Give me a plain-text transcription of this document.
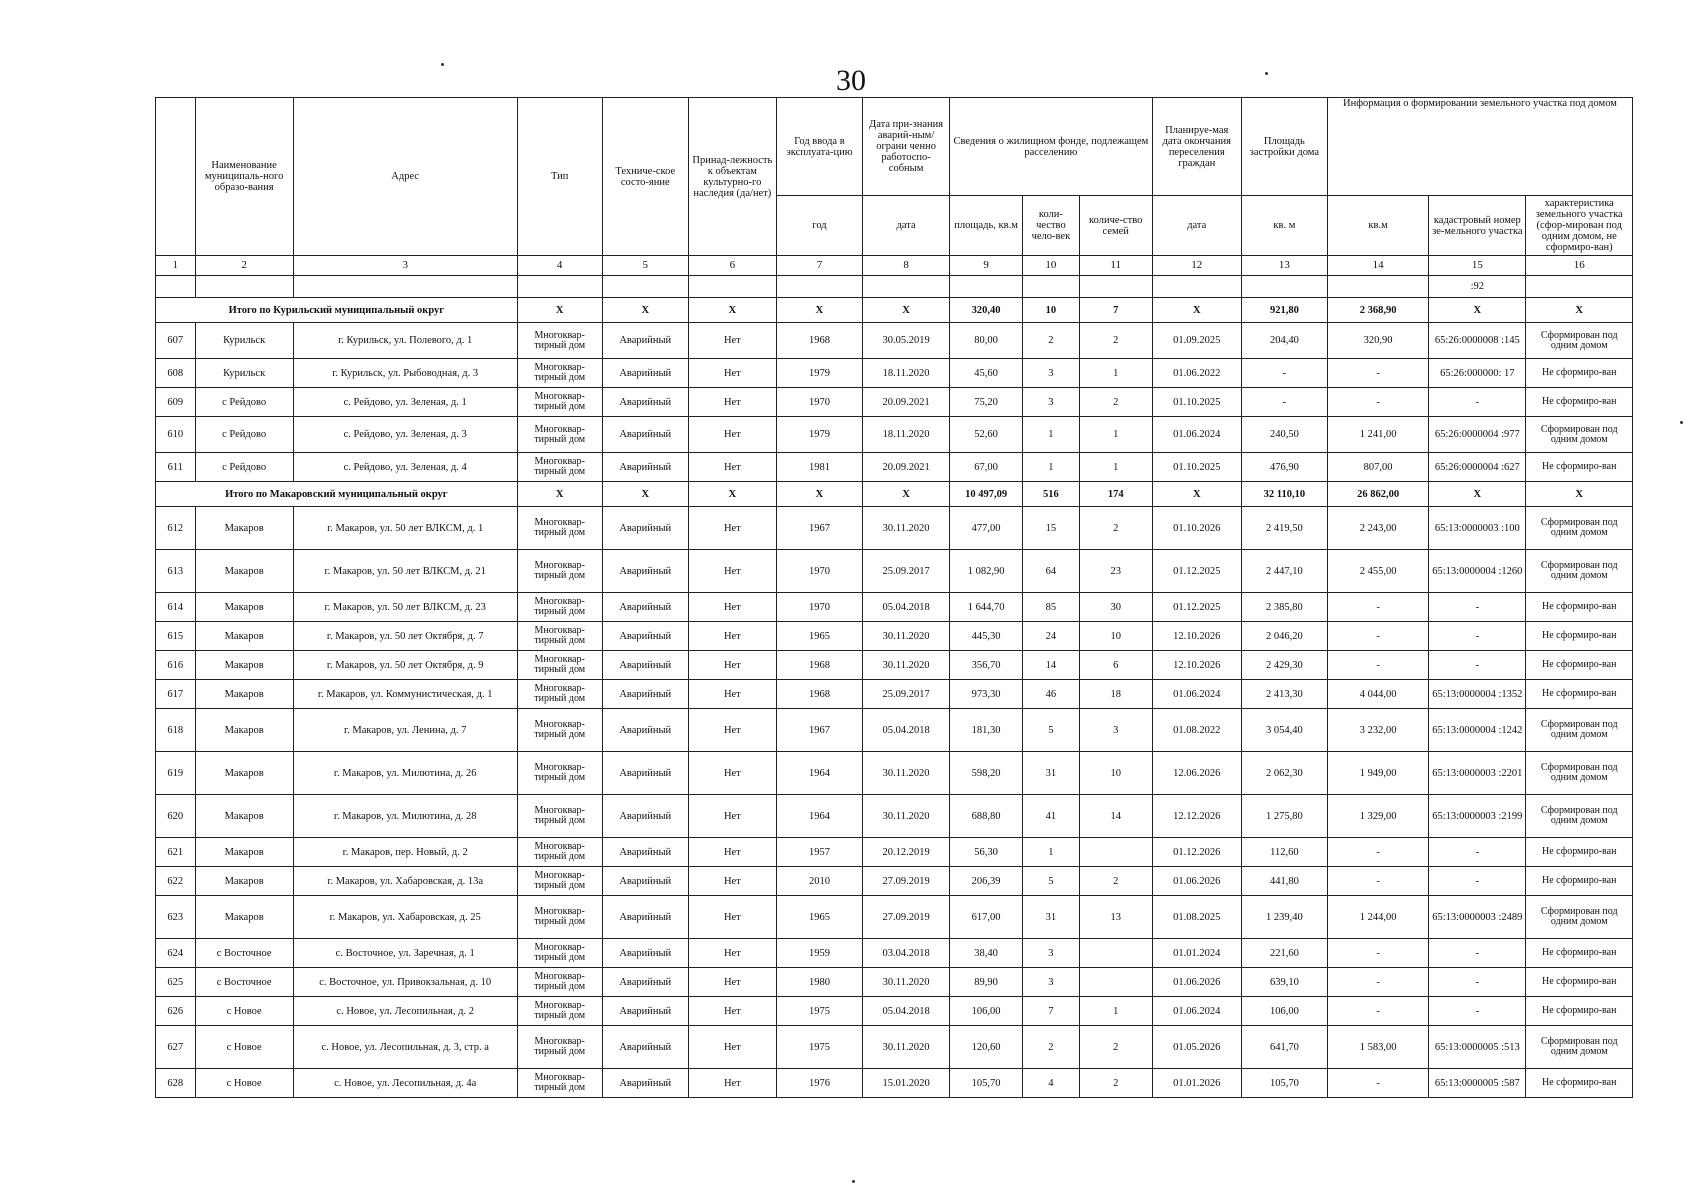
30
	Наименование муниципаль-ного образо-вания	Адрес	Тип	Техниче-ское состо-яние	Принад-лежность к объектам культурно-го наследия (да/нет)	Год ввода в эксплуата-цию	Дата при-знания аварий-ным/ограни ченно работоспо-собным	Сведения о жилищном фонде, подлежащем расселению			Планируе-мая дата окончания переселения граждан	Площадь застройки дома	Информация о формировании земельного участка под домом		
						год	дата	площадь, кв.м	коли-чество чело-век	количе-ство семей	дата	кв. м	кв.м	кадастровый номер зе-мельного участка	характеристика земельного участка (сфор-мирован под одним домом, не сформиро-ван)
1	2	3	4	5	6	7	8	9	10	11	12	13	14	15	16
														:92	
Итого по Курильский муниципальный округ			X	X	X	X	X	320,40	10	7	X	921,80	2 368,90	X	X
607	Курильск	г. Курильск, ул. Полевого, д. 1	Многоквар-тирный дом	Аварийный	Нет	1968	30.05.2019	80,00	2	2	01.09.2025	204,40	320,90	65:26:0000008 :145	Сформирован под одним домом
608	Курильск	г. Курильск, ул. Рыбоводная, д. 3	Многоквар-тирный дом	Аварийный	Нет	1979	18.11.2020	45,60	3	1	01.06.2022	-	-	65:26:000000: 17	Не сформиро-ван
609	с Рейдово	с. Рейдово, ул. Зеленая, д. 1	Многоквар-тирный дом	Аварийный	Нет	1970	20.09.2021	75,20	3	2	01.10.2025	-	-	-	Не сформиро-ван
610	с Рейдово	с. Рейдово, ул. Зеленая, д. 3	Многоквар-тирный дом	Аварийный	Нет	1979	18.11.2020	52,60	1	1	01.06.2024	240,50	1 241,00	65:26:0000004 :977	Сформирован под одним домом
611	с Рейдово	с. Рейдово, ул. Зеленая, д. 4	Многоквар-тирный дом	Аварийный	Нет	1981	20.09.2021	67,00	1	1	01.10.2025	476,90	807,00	65:26:0000004 :627	Не сформиро-ван
Итого по Макаровский муниципальный округ			X	X	X	X	X	10 497,09	516	174	X	32 110,10	26 862,00	X	X
612	Макаров	г. Макаров, ул. 50 лет ВЛКСМ, д. 1	Многоквар-тирный дом	Аварийный	Нет	1967	30.11.2020	477,00	15	2	01.10.2026	2 419,50	2 243,00	65:13:0000003 :100	Сформирован под одним домом
613	Макаров	г. Макаров, ул. 50 лет ВЛКСМ, д. 21	Многоквар-тирный дом	Аварийный	Нет	1970	25.09.2017	1 082,90	64	23	01.12.2025	2 447,10	2 455,00	65:13:0000004 :1260	Сформирован под одним домом
614	Макаров	г. Макаров, ул. 50 лет ВЛКСМ, д. 23	Многоквар-тирный дом	Аварийный	Нет	1970	05.04.2018	1 644,70	85	30	01.12.2025	2 385,80	-	-	Не сформиро-ван
615	Макаров	г. Макаров, ул. 50 лет Октября, д. 7	Многоквар-тирный дом	Аварийный	Нет	1965	30.11.2020	445,30	24	10	12.10.2026	2 046,20	-	-	Не сформиро-ван
616	Макаров	г. Макаров, ул. 50 лет Октября, д. 9	Многоквар-тирный дом	Аварийный	Нет	1968	30.11.2020	356,70	14	6	12.10.2026	2 429,30	-	-	Не сформиро-ван
617	Макаров	г. Макаров, ул. Коммунистическая, д. 1	Многоквар-тирный дом	Аварийный	Нет	1968	25.09.2017	973,30	46	18	01.06.2024	2 413,30	4 044,00	65:13:0000004 :1352	Не сформиро-ван
618	Макаров	г. Макаров, ул. Ленина, д. 7	Многоквар-тирный дом	Аварийный	Нет	1967	05.04.2018	181,30	5	3	01.08.2022	3 054,40	3 232,00	65:13:0000004 :1242	Сформирован под одним домом
619	Макаров	г. Макаров, ул. Милютина, д. 26	Многоквар-тирный дом	Аварийный	Нет	1964	30.11.2020	598,20	31	10	12.06.2026	2 062,30	1 949,00	65:13:0000003 :2201	Сформирован под одним домом
620	Макаров	г. Макаров, ул. Милютина, д. 28	Многоквар-тирный дом	Аварийный	Нет	1964	30.11.2020	688,80	41	14	12.12.2026	1 275,80	1 329,00	65:13:0000003 :2199	Сформирован под одним домом
621	Макаров	г. Макаров, пер. Новый, д. 2	Многоквар-тирный дом	Аварийный	Нет	1957	20.12.2019	56,30	1		01.12.2026	112,60	-	-	Не сформиро-ван
622	Макаров	г. Макаров, ул. Хабаровская, д. 13а	Многоквар-тирный дом	Аварийный	Нет	2010	27.09.2019	206,39	5	2	01.06.2026	441,80	-	-	Не сформиро-ван
623	Макаров	г. Макаров, ул. Хабаровская, д. 25	Многоквар-тирный дом	Аварийный	Нет	1965	27.09.2019	617,00	31	13	01.08.2025	1 239,40	1 244,00	65:13:0000003 :2489	Сформирован под одним домом
624	с Восточное	с. Восточное, ул. Заречная, д. 1	Многоквар-тирный дом	Аварийный	Нет	1959	03.04.2018	38,40	3		01.01.2024	221,60	-	-	Не сформиро-ван
625	с Восточное	с. Восточное, ул. Привокзальная, д. 10	Многоквар-тирный дом	Аварийный	Нет	1980	30.11.2020	89,90	3		01.06.2026	639,10	-	-	Не сформиро-ван
626	с Новое	с. Новое, ул. Лесопильная, д. 2	Многоквар-тирный дом	Аварийный	Нет	1975	05.04.2018	106,00	7	1	01.06.2024	106,00	-	-	Не сформиро-ван
627	с Новое	с. Новое, ул. Лесопильная, д. 3, стр. а	Многоквар-тирный дом	Аварийный	Нет	1975	30.11.2020	120,60	2	2	01.05.2026	641,70	1 583,00	65:13:0000005 :513	Сформирован под одним домом
628	с Новое	с. Новое, ул. Лесопильная, д. 4а	Многоквар-тирный дом	Аварийный	Нет	1976	15.01.2020	105,70	4	2	01.01.2026	105,70	-	65:13:0000005 :587	Не сформиро-ван
